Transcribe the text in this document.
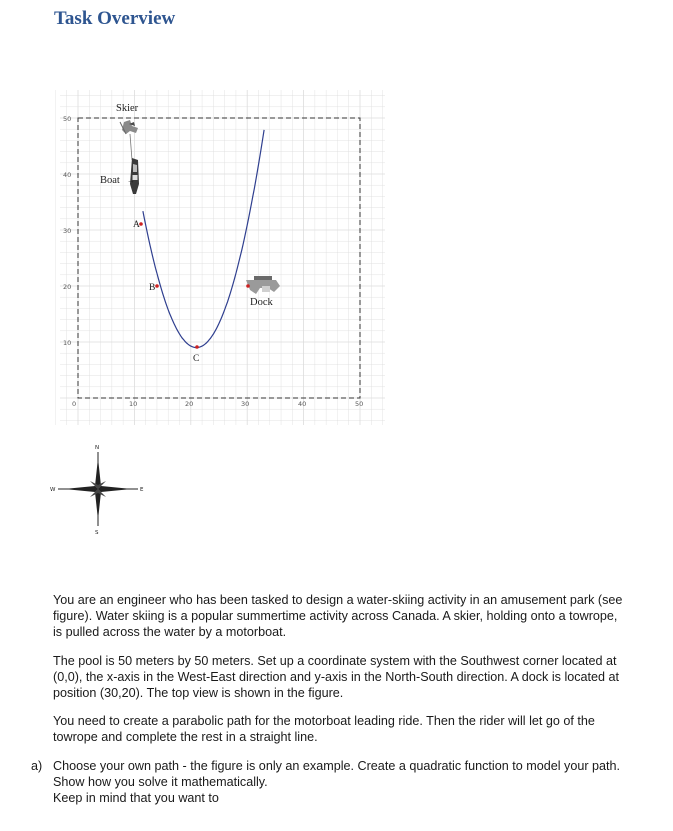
Task Overview
0	10	20	30	40	50
10
20
30
40
50
Skier
Boat →
Dock
A
B
C
N
S
W	E

You are an engineer who has been tasked to design a water-skiing activity in an amusement park (see figure). Water skiing is a popular summertime activity across Canada. A skier, holding onto a towrope, is pulled across the water by a motorboat.

The pool is 50 meters by 50 meters. Set up a coordinate system with the Southwest corner located at (0,0), the x-axis in the West-East direction and y-axis in the North-South direction. A dock is located at position (30,20). The top view is shown in the figure.

You need to create a parabolic path for the motorboat leading ride. Then the rider will let go of the towrope and complete the rest in a straight line.

a) Choose your own path - the figure is only an example. Create a quadratic function to model your path. Show how you solve it mathematically.
Keep in mind that you want to
